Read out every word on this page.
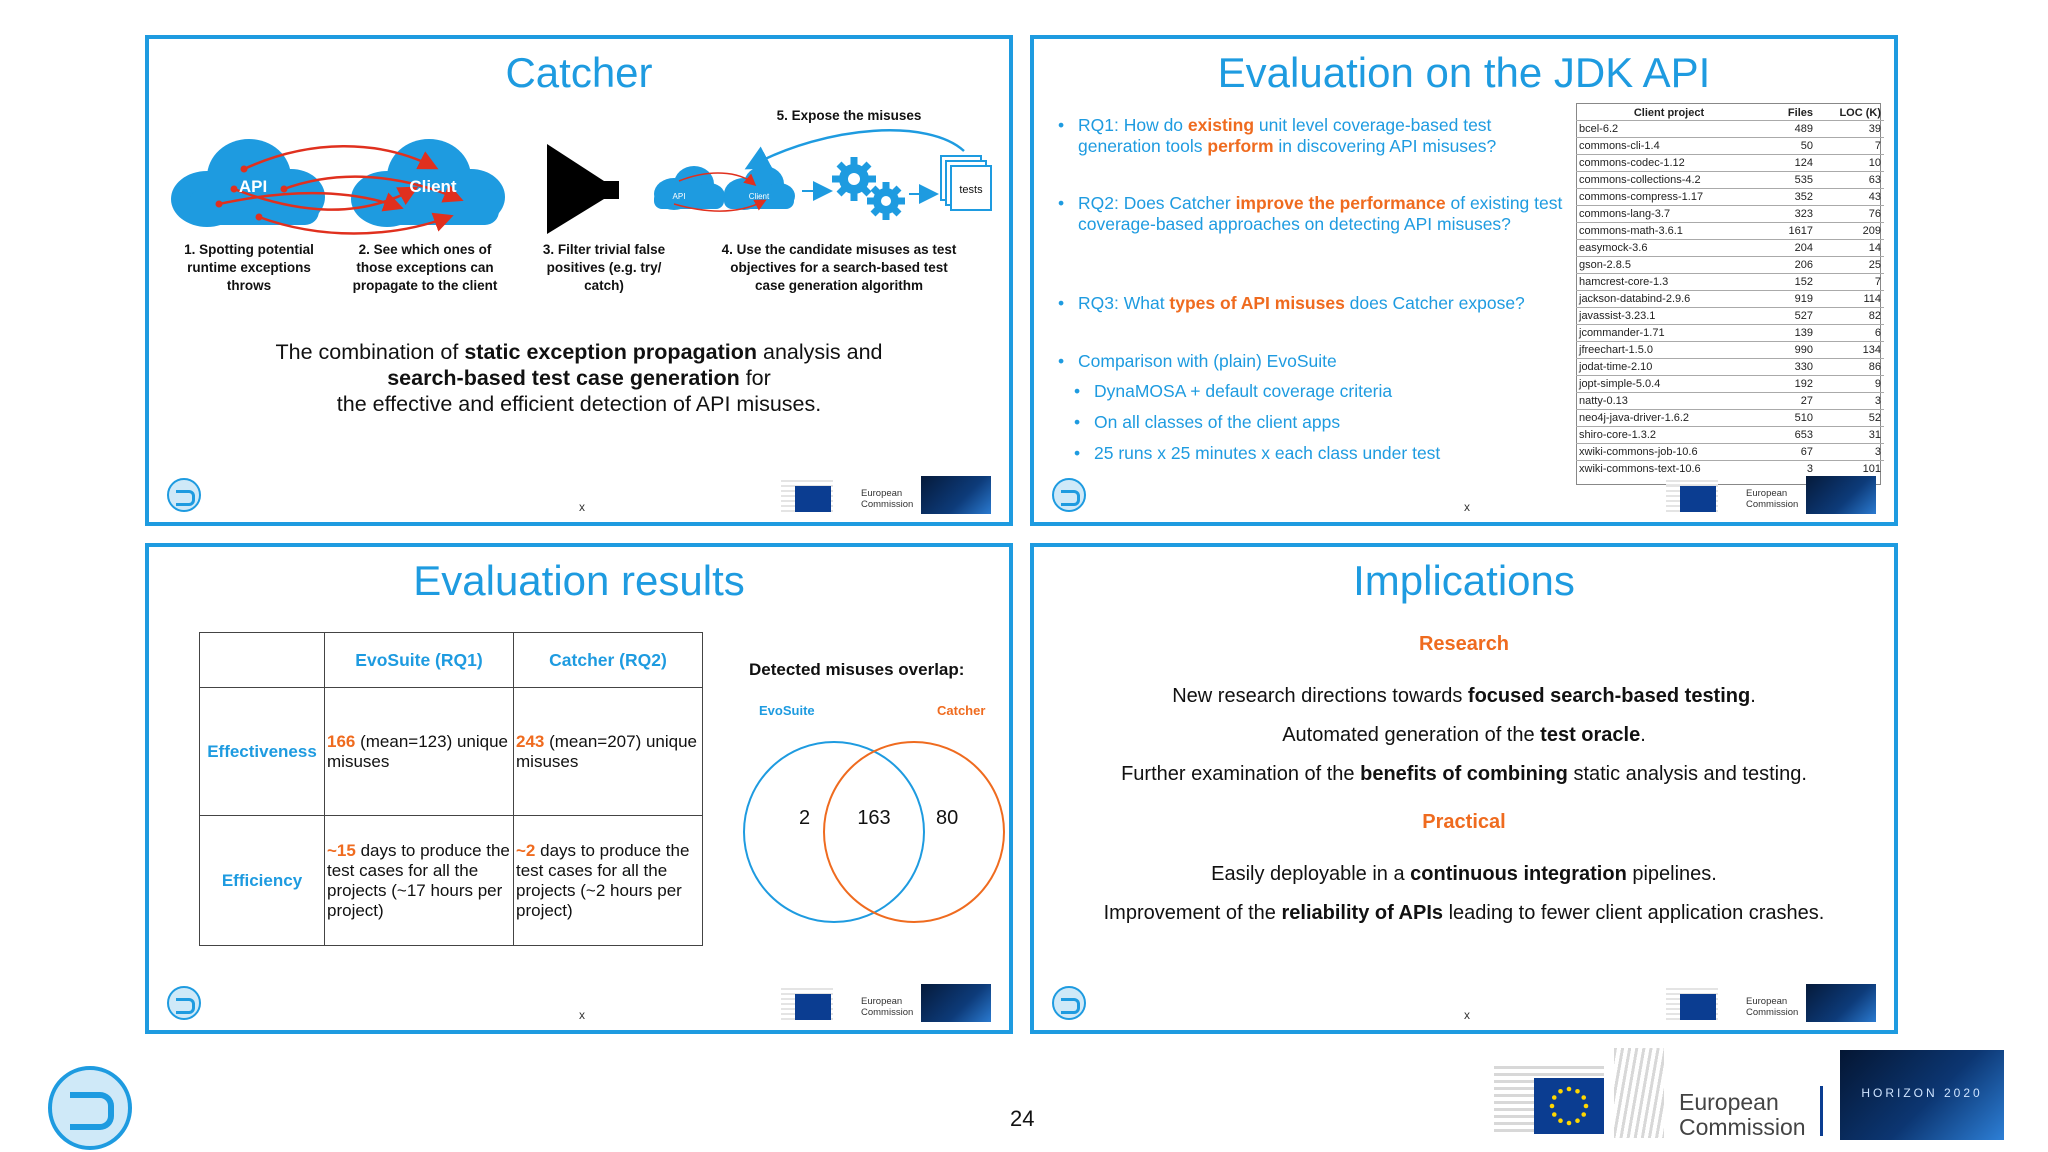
Catcher
API	Client
API	Client
tests
5. Expose the misuses
1. Spotting potential runtime exceptions throws
2. See which ones of those exceptions can propagate to the client
3. Filter trivial false positives (e.g. try/ catch)
4. Use the candidate misuses as test objectives for a search-based test case generation algorithm
The combination of static exception propagation analysis and
search-based test case generation for
the effective and efficient detection of API misuses.
x
European
Commission
Evaluation on the JDK API
• RQ1: How do existing unit level coverage-based test generation tools perform in discovering API misuses?
• RQ2: Does Catcher improve the performance of existing test coverage-based approaches on detecting API misuses?
• RQ3: What types of API misuses does Catcher expose?
• Comparison with (plain) EvoSuite
• DynaMOSA + default coverage criteria
• On all classes of the client apps
• 25 runs x 25 minutes x each class under test
Client project	Files	LOC (K)
bcel-6.2	489	39
commons-cli-1.4	50	7
commons-codec-1.12	124	10
commons-collections-4.2	535	63
commons-compress-1.17	352	43
commons-lang-3.7	323	76
commons-math-3.6.1	1617	209
easymock-3.6	204	14
gson-2.8.5	206	25
hamcrest-core-1.3	152	7
jackson-databind-2.9.6	919	114
javassist-3.23.1	527	82
jcommander-1.71	139	6
jfreechart-1.5.0	990	134
jodat-time-2.10	330	86
jopt-simple-5.0.4	192	9
natty-0.13	27	3
neo4j-java-driver-1.6.2	510	52
shiro-core-1.3.2	653	31
xwiki-commons-job-10.6	67	3
xwiki-commons-text-10.6	3	101
x
European
Commission
Evaluation results
	EvoSuite (RQ1)	Catcher (RQ2)
Effectiveness	166 (mean=123) unique misuses	243 (mean=207) unique misuses
Efficiency	~15 days to produce the test cases for all the projects (~17 hours per project)	~2 days to produce the test cases for all the projects (~2 hours per project)
Detected misuses overlap:
EvoSuite	Catcher
2 163 80
x
European
Commission
Implications
Research
New research directions towards focused search-based testing.
Automated generation of the test oracle.
Further examination of the benefits of combining static analysis and testing.
Practical
Easily deployable in a continuous integration pipelines.
Improvement of the reliability of APIs leading to fewer client application crashes.
x
European
Commission
24
European
Commission
HORIZON 2020
